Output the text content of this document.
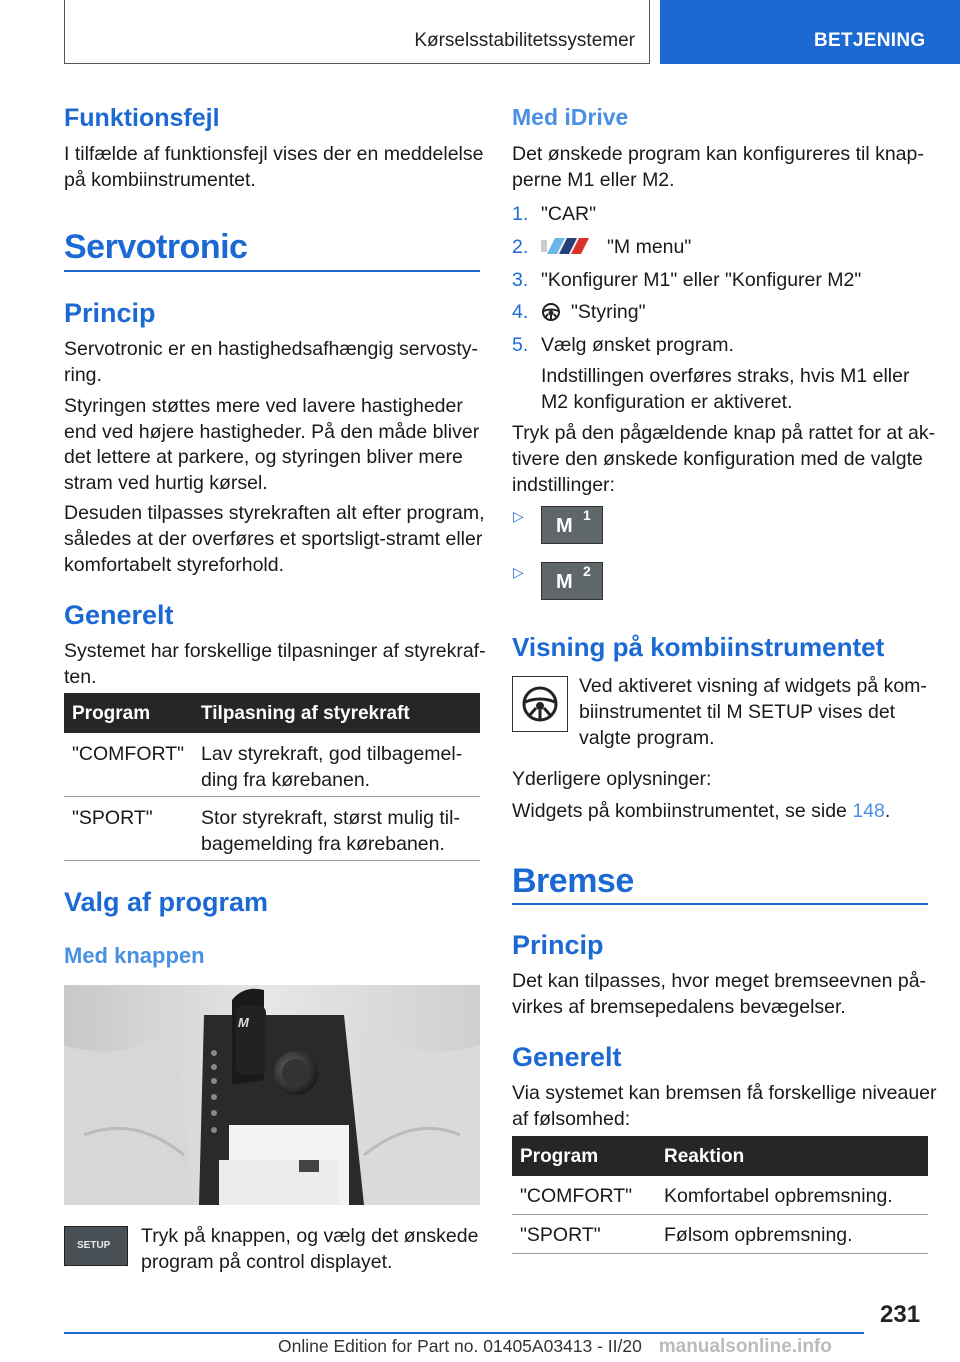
Kørselsstabilitetssystemer	BETJENING
Funktionsfejl
I tilfælde af funktionsfejl vises der en meddelelse
på kombiinstrumentet.
Servotronic
Princip
Servotronic er en hastighedsafhængig servosty-
ring.
Styringen støttes mere ved lavere hastigheder
end ved højere hastigheder. På den måde bliver
det lettere at parkere, og styringen bliver mere
stram ved hurtig kørsel.
Desuden tilpasses styrekraften alt efter program,
således at der overføres et sportsligt-stramt eller
komfortabelt styreforhold.
Generelt
Systemet har forskellige tilpasninger af styrekraf-
ten.
Program	Tilpasning af styrekraft
"COMFORT" Lav styrekraft, god tilbagemel-
ding fra kørebanen.
"SPORT" Stor styrekraft, størst mulig til-
bagemelding fra kørebanen.
Valg af program
Med knappen
M
SETUP Tryk på knappen, og vælg det ønskede
program på control displayet.
Med iDrive
Det ønskede program kan konfigureres til knap-
perne M1 eller M2.
1. "CAR"
2.	"M menu"
3. "Konfigurer M1" eller "Konfigurer M2"
4. "Styring"
5. Vælg ønsket program.
Indstillingen overføres straks, hvis M1 eller
M2 konfiguration er aktiveret.
Tryk på den pågældende knap på rattet for at ak-
tivere den ønskede konfiguration med de valgte
indstillinger:
▷ M 1
▷ M 2
Visning på kombiinstrumentet
Ved aktiveret visning af widgets på kom-
biinstrumentet til M SETUP vises det
valgte program.
Yderligere oplysninger:
Widgets på kombiinstrumentet, se side 148.
Bremse
Princip
Det kan tilpasses, hvor meget bremseevnen på-
virkes af bremsepedalens bevægelser.
Generelt
Via systemet kan bremsen få forskellige niveauer
af følsomhed:
Program	Reaktion
"COMFORT" Komfortabel opbremsning.
"SPORT"	Følsom opbremsning.
231
Online Edition for Part no. 01405A03413 - II/20 manualsonline.info
